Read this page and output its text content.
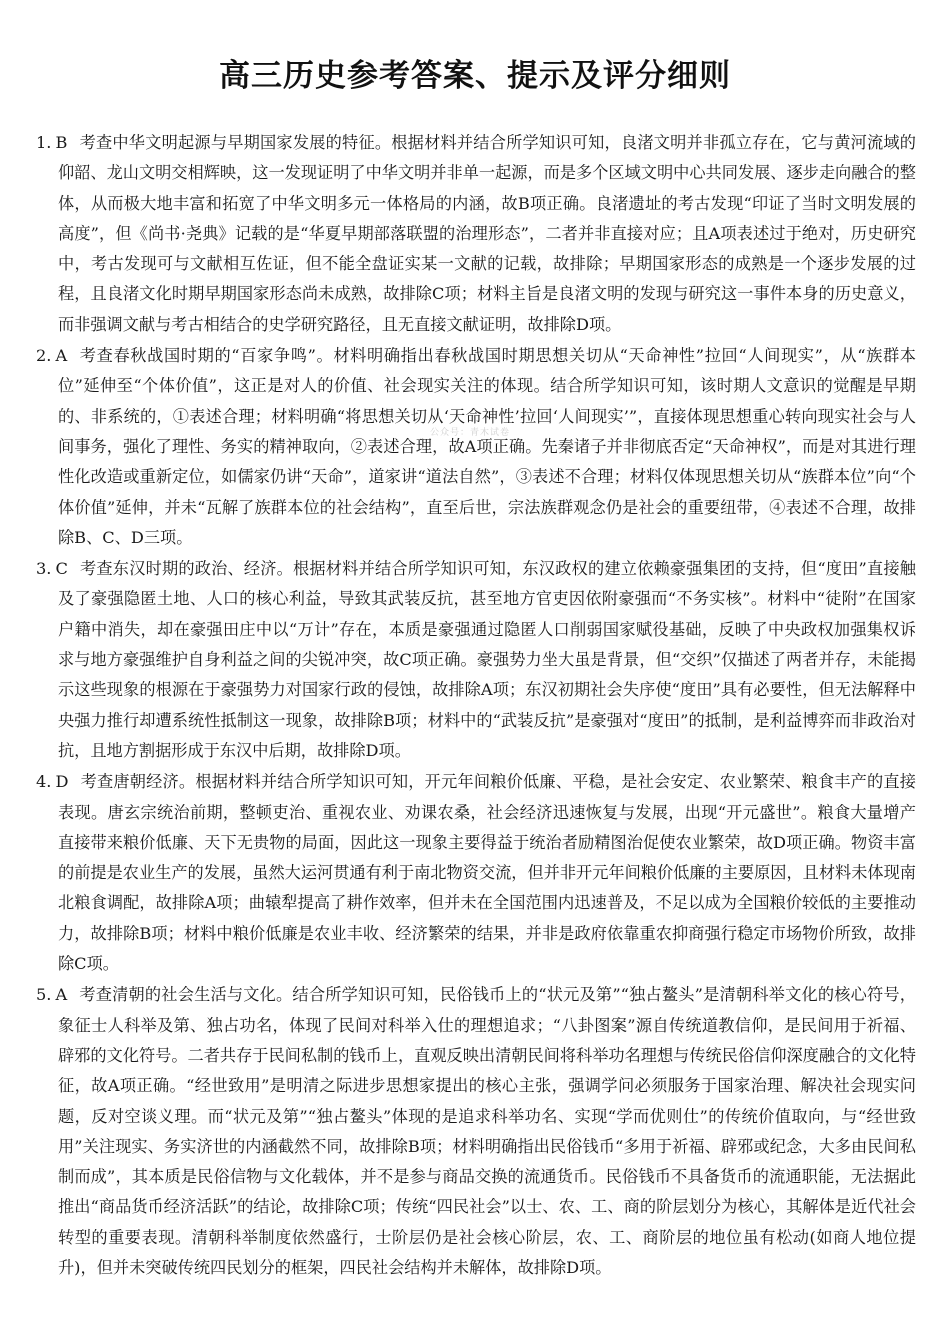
高三历史参考答案、提示及评分细则
公众号：青木试卷

1. B 考查中华文明起源与早期国家发展的特征。根据材料并结合所学知识可知，良渚文明并非孤立存在，它与黄河流域的仰韶、龙山文明交相辉映，这一发现证明了中华文明并非单一起源，而是多个区域文明中心共同发展、逐步走向融合的整体，从而极大地丰富和拓宽了中华文明多元一体格局的内涵，故B项正确。良渚遗址的考古发现“印证了当时文明发展的高度”，但《尚书·尧典》记载的是“华夏早期部落联盟的治理形态”，二者并非直接对应；且A项表述过于绝对，历史研究中，考古发现可与文献相互佐证，但不能全盘证实某一文献的记载，故排除；早期国家形态的成熟是一个逐步发展的过程，且良渚文化时期早期国家形态尚未成熟，故排除C项；材料主旨是良渚文明的发现与研究这一事件本身的历史意义，而非强调文献与考古相结合的史学研究路径，且无直接文献证明，故排除D项。

2. A 考查春秋战国时期的“百家争鸣”。材料明确指出春秋战国时期思想关切从“天命神性”拉回“人间现实”，从“族群本位”延伸至“个体价值”，这正是对人的价值、社会现实关注的体现。结合所学知识可知，该时期人文意识的觉醒是早期的、非系统的，①表述合理；材料明确“将思想关切从‘天命神性’拉回‘人间现实’”，直接体现思想重心转向现实社会与人间事务，强化了理性、务实的精神取向，②表述合理，故A项正确。先秦诸子并非彻底否定“天命神权”，而是对其进行理性化改造或重新定位，如儒家仍讲“天命”，道家讲“道法自然”，③表述不合理；材料仅体现思想关切从“族群本位”向“个体价值”延伸，并未“瓦解了族群本位的社会结构”，直至后世，宗法族群观念仍是社会的重要纽带，④表述不合理，故排除B、C、D三项。

3. C 考查东汉时期的政治、经济。根据材料并结合所学知识可知，东汉政权的建立依赖豪强集团的支持，但“度田”直接触及了豪强隐匿土地、人口的核心利益，导致其武装反抗，甚至地方官吏因依附豪强而“不务实核”。材料中“徒附”在国家户籍中消失，却在豪强田庄中以“万计”存在，本质是豪强通过隐匿人口削弱国家赋役基础，反映了中央政权加强集权诉求与地方豪强维护自身利益之间的尖锐冲突，故C项正确。豪强势力坐大虽是背景，但“交织”仅描述了两者并存，未能揭示这些现象的根源在于豪强势力对国家行政的侵蚀，故排除A项；东汉初期社会失序使“度田”具有必要性，但无法解释中央强力推行却遭系统性抵制这一现象，故排除B项；材料中的“武装反抗”是豪强对“度田”的抵制，是利益博弈而非政治对抗，且地方割据形成于东汉中后期，故排除D项。

4. D 考查唐朝经济。根据材料并结合所学知识可知，开元年间粮价低廉、平稳，是社会安定、农业繁荣、粮食丰产的直接表现。唐玄宗统治前期，整顿吏治、重视农业、劝课农桑，社会经济迅速恢复与发展，出现“开元盛世”。粮食大量增产直接带来粮价低廉、天下无贵物的局面，因此这一现象主要得益于统治者励精图治促使农业繁荣，故D项正确。物资丰富的前提是农业生产的发展，虽然大运河贯通有利于南北物资交流，但并非开元年间粮价低廉的主要原因，且材料未体现南北粮食调配，故排除A项；曲辕犁提高了耕作效率，但并未在全国范围内迅速普及，不足以成为全国粮价较低的主要推动力，故排除B项；材料中粮价低廉是农业丰收、经济繁荣的结果，并非是政府依靠重农抑商强行稳定市场物价所致，故排除C项。

5. A 考查清朝的社会生活与文化。结合所学知识可知，民俗钱币上的“状元及第”“独占鳌头”是清朝科举文化的核心符号，象征士人科举及第、独占功名，体现了民间对科举入仕的理想追求；“八卦图案”源自传统道教信仰，是民间用于祈福、辟邪的文化符号。二者共存于民间私制的钱币上，直观反映出清朝民间将科举功名理想与传统民俗信仰深度融合的文化特征，故A项正确。“经世致用”是明清之际进步思想家提出的核心主张，强调学问必须服务于国家治理、解决社会现实问题，反对空谈义理。而“状元及第”“独占鳌头”体现的是追求科举功名、实现“学而优则仕”的传统价值取向，与“经世致用”关注现实、务实济世的内涵截然不同，故排除B项；材料明确指出民俗钱币“多用于祈福、辟邪或纪念，大多由民间私制而成”，其本质是民俗信物与文化载体，并不是参与商品交换的流通货币。民俗钱币不具备货币的流通职能，无法据此推出“商品货币经济活跃”的结论，故排除C项；传统“四民社会”以士、农、工、商的阶层划分为核心，其解体是近代社会转型的重要表现。清朝科举制度依然盛行，士阶层仍是社会核心阶层，农、工、商阶层的地位虽有松动(如商人地位提升)，但并未突破传统四民划分的框架，四民社会结构并未解体，故排除D项。
